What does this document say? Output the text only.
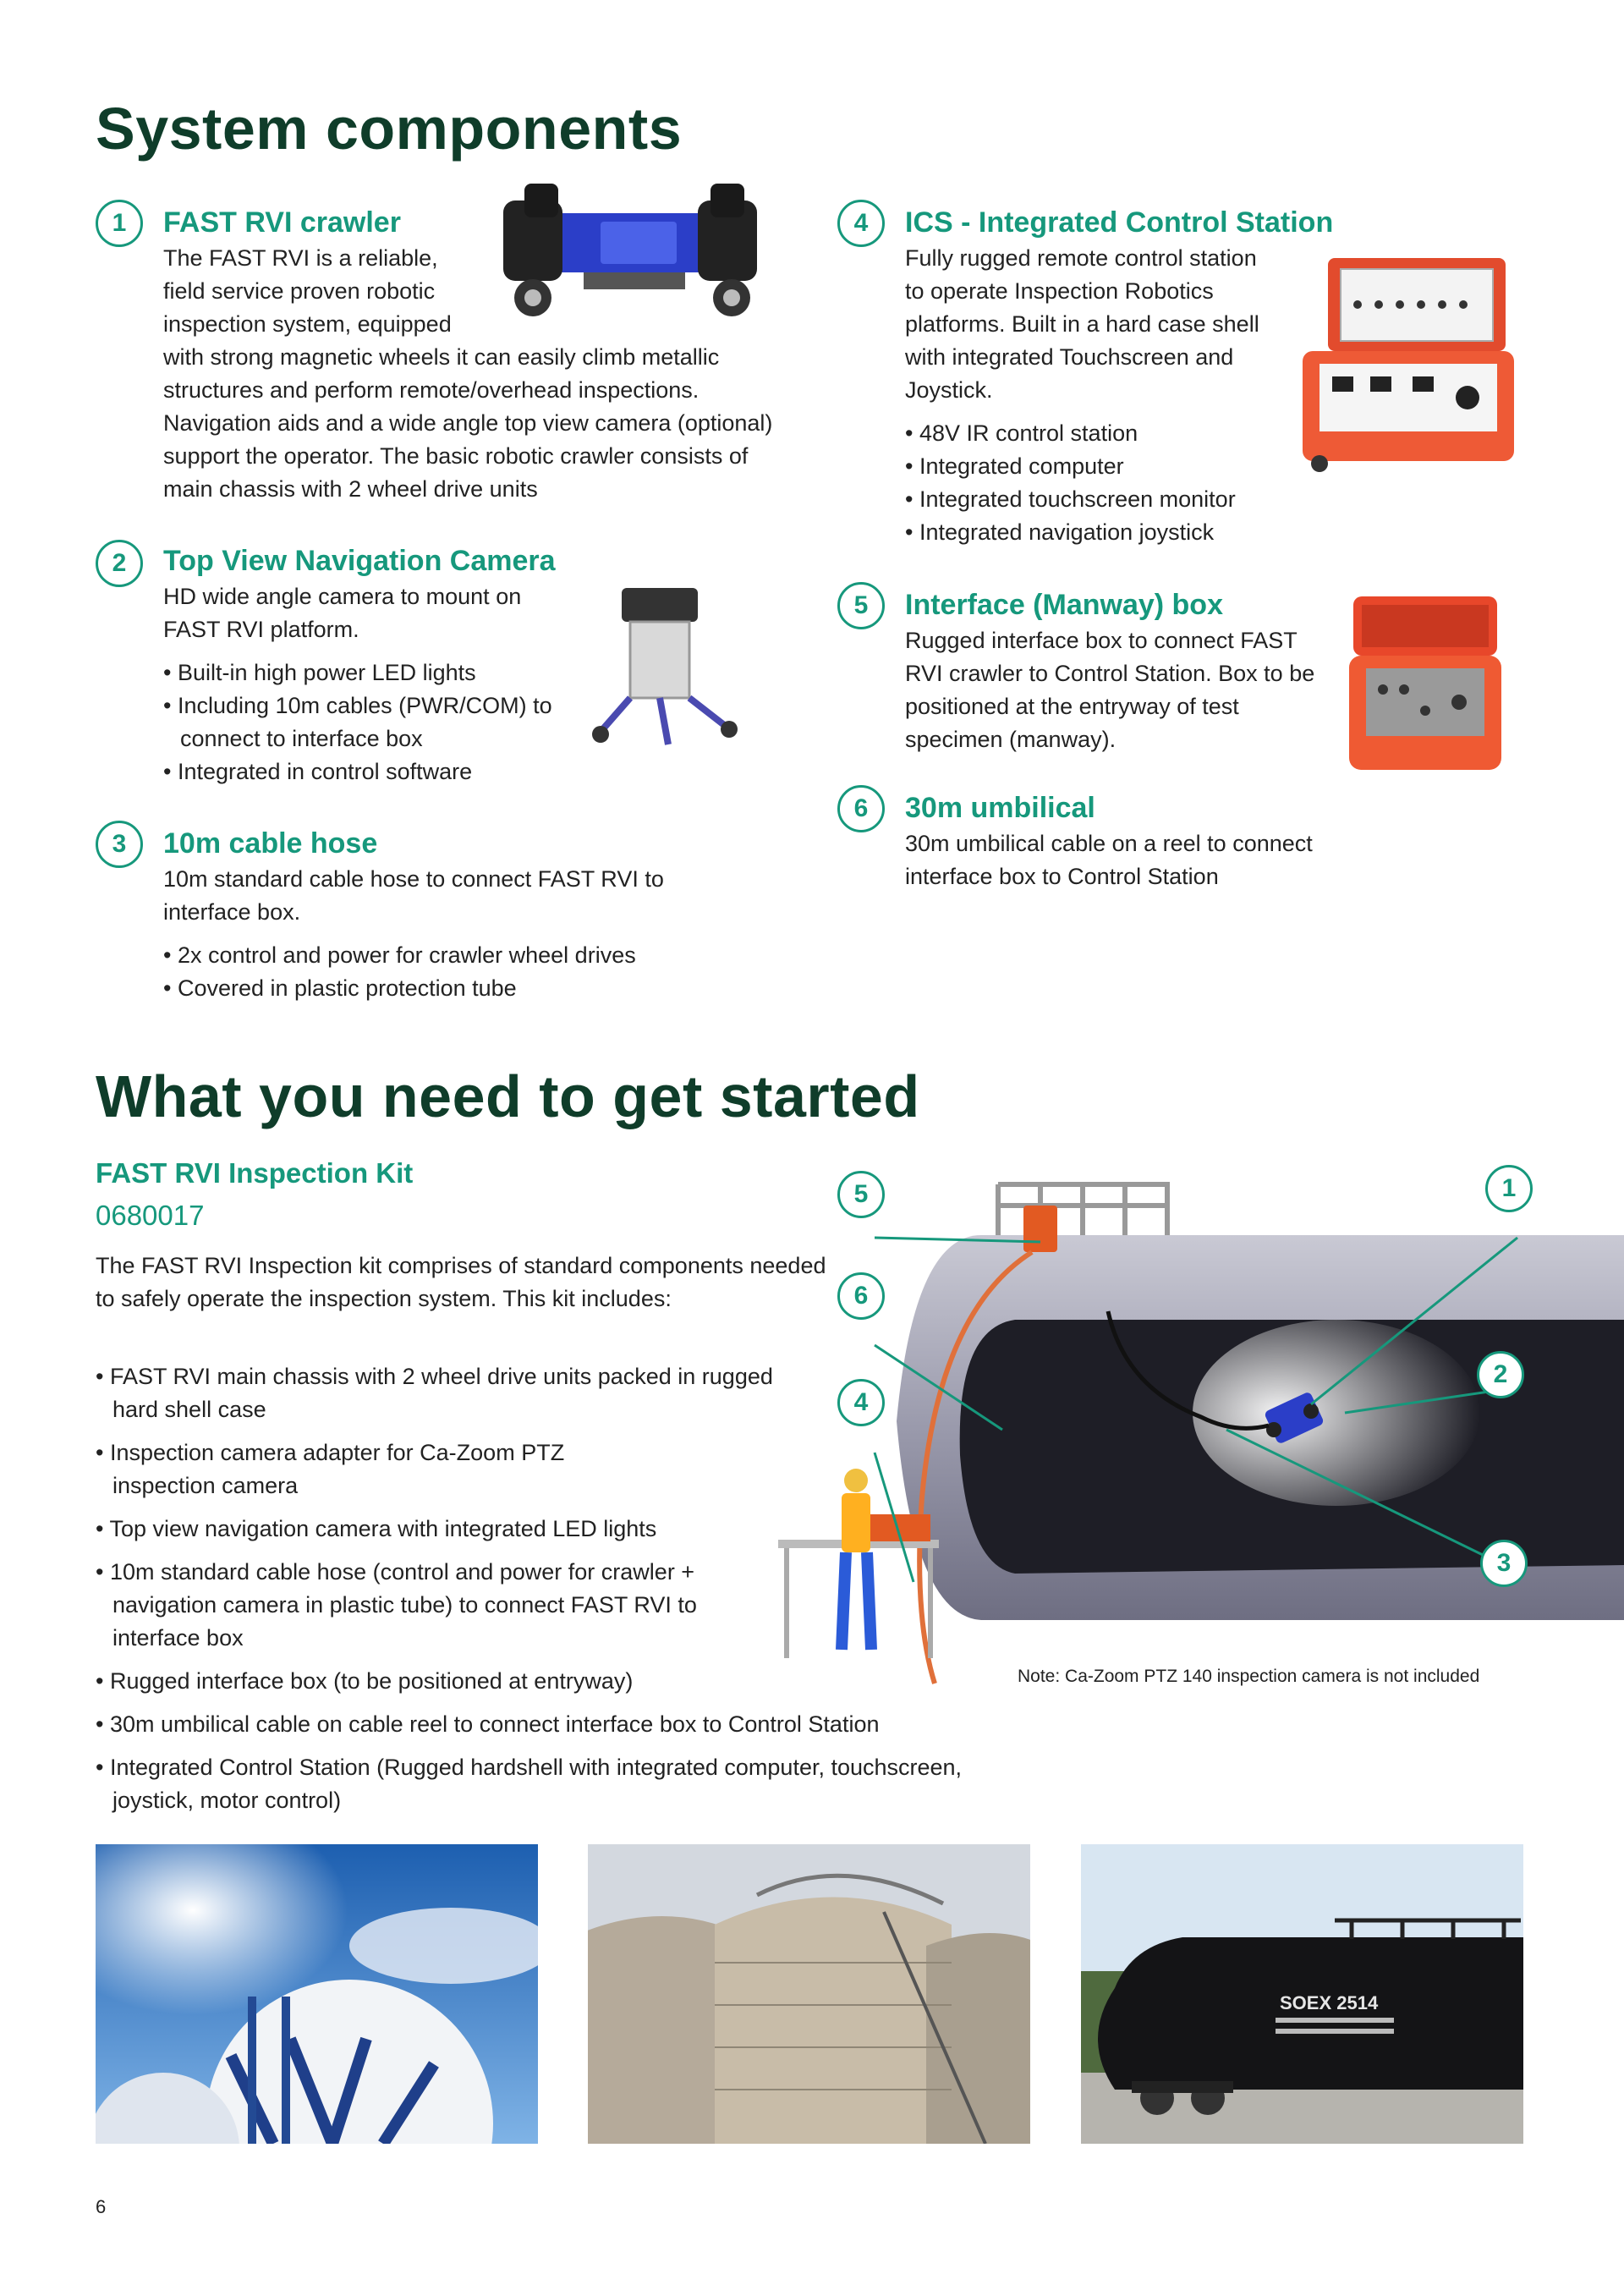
System components
1	FAST RVI crawler
The FAST RVI is a reliable,
field service proven robotic
inspection system, equipped
with strong magnetic wheels it can easily climb metallic structures and perform remote/overhead inspections. Navigation aids and a wide angle top view camera (optional) support the operator. The basic robotic crawler consists of main chassis with 2 wheel drive units
2	Top View Navigation Camera
HD wide angle camera to mount on FAST RVI platform.
• Built-in high power LED lights
• Including 10m cables (PWR/COM) to connect to interface box
• Integrated in control software
3	10m cable hose
10m standard cable hose to connect FAST RVI to interface box.
• 2x control and power for crawler wheel drives
• Covered in plastic protection tube
4	ICS - Integrated Control Station
Fully rugged remote control station to operate Inspection Robotics platforms. Built in a hard case shell with integrated Touchscreen and Joystick.
• 48V IR control station
• Integrated computer
• Integrated touchscreen monitor
• Integrated navigation joystick
5	Interface (Manway) box
Rugged interface box to connect FAST RVI crawler to Control Station. Box to be positioned at the entryway of test specimen (manway).
6	30m umbilical
30m umbilical cable on a reel to connect interface box to Control Station
What you need to get started
FAST RVI Inspection Kit
0680017
The FAST RVI Inspection kit comprises of standard components needed to safely operate the inspection system. This kit includes:
• FAST RVI main chassis with 2 wheel drive units packed in rugged hard shell case
• Inspection camera adapter for Ca-Zoom PTZ inspection camera
• Top view navigation camera with integrated LED lights
• 10m standard cable hose (control and power for crawler + navigation camera in plastic tube) to connect FAST RVI to interface box
• Rugged interface box (to be positioned at entryway)
• 30m umbilical cable on cable reel to connect interface box to Control Station
• Integrated Control Station (Rugged hardshell with integrated computer, touchscreen, joystick, motor control)
5	1
6
2
4
3
Note: Ca-Zoom PTZ 140 inspection camera is not included
SOEX 2514
6
